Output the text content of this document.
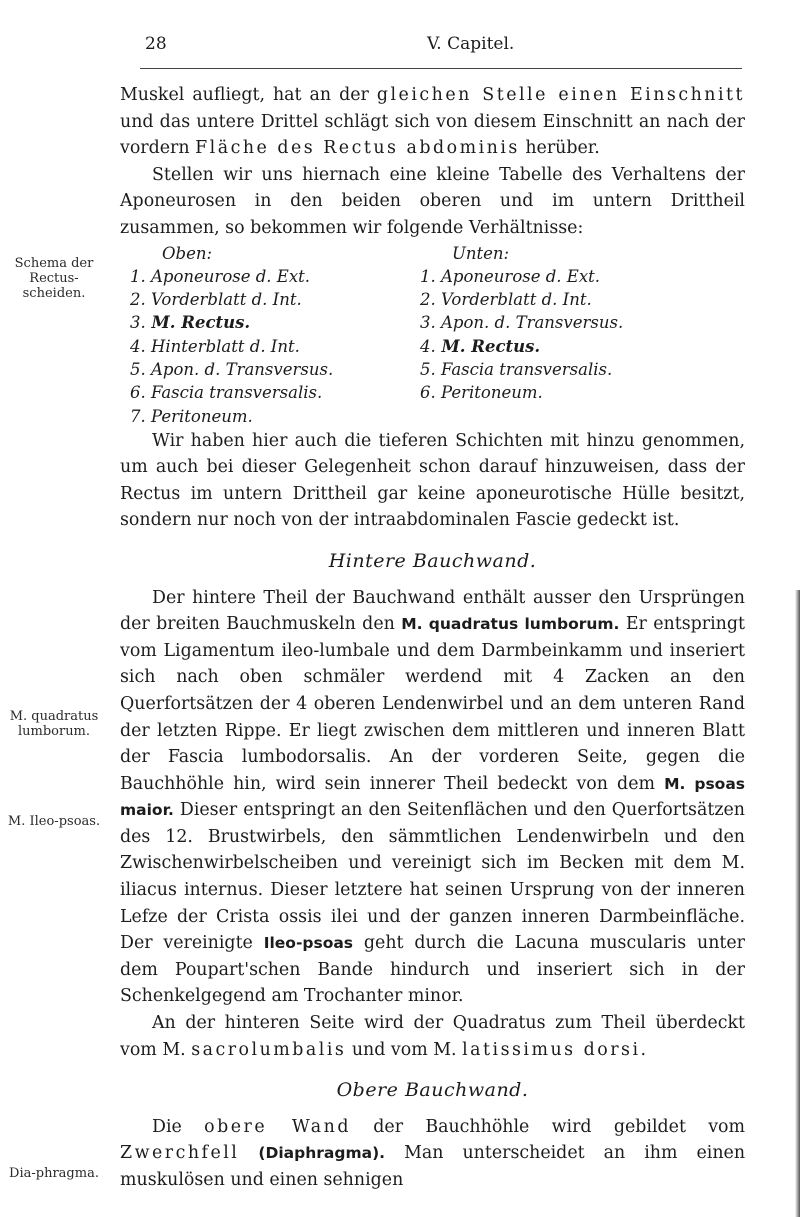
28	V. Capitel.
Schema der Rectus-scheiden.
M. quadratus lumborum.
M. Ileo-psoas.
Dia-phragma.

Muskel aufliegt, hat an der gleichen Stelle einen Einschnitt und das untere Drittel schlägt sich von diesem Einschnitt an nach der vordern Fläche des Rectus abdominis herüber.

Stellen wir uns hiernach eine kleine Tabelle des Verhaltens der Aponeurosen in den beiden oberen und im untern Drittheil zusammen, so bekommen wir folgende Verhältnisse:

Oben:
1. Aponeurose d. Ext.
2. Vorderblatt d. Int.
3. M. Rectus.
4. Hinterblatt d. Int.
5. Apon. d. Transversus.
6. Fascia transversalis.
7. Peritoneum.
Unten:
1. Aponeurose d. Ext.
2. Vorderblatt d. Int.
3. Apon. d. Transversus.
4. M. Rectus.
5. Fascia transversalis.
6. Peritoneum.

Wir haben hier auch die tieferen Schichten mit hinzu genommen, um auch bei dieser Gelegenheit schon darauf hinzuweisen, dass der Rectus im untern Drittheil gar keine aponeurotische Hülle besitzt, sondern nur noch von der intraabdominalen Fascie gedeckt ist.

Hintere Bauchwand.

Der hintere Theil der Bauchwand enthält ausser den Ursprüngen der breiten Bauchmuskeln den M. quadratus lumborum. Er entspringt vom Ligamentum ileo-lumbale und dem Darmbeinkamm und inseriert sich nach oben schmäler werdend mit 4 Zacken an den Querfortsätzen der 4 oberen Lendenwirbel und an dem unteren Rand der letzten Rippe. Er liegt zwischen dem mittleren und inneren Blatt der Fascia lumbodorsalis. An der vorderen Seite, gegen die Bauchhöhle hin, wird sein innerer Theil bedeckt von dem M. psoas maior. Dieser entspringt an den Seitenflächen und den Querfortsätzen des 12. Brustwirbels, den sämmtlichen Lendenwirbeln und den Zwischenwirbelscheiben und vereinigt sich im Becken mit dem M. iliacus internus. Dieser letztere hat seinen Ursprung von der inneren Lefze der Crista ossis ilei und der ganzen inneren Darmbeinfläche. Der vereinigte Ileo-psoas geht durch die Lacuna muscularis unter dem Poupart'schen Bande hindurch und inseriert sich in der Schenkelgegend am Trochanter minor.

An der hinteren Seite wird der Quadratus zum Theil überdeckt vom M. sacrolumbalis und vom M. latissimus dorsi.

Obere Bauchwand.

Die obere Wand der Bauchhöhle wird gebildet vom Zwerchfell (Diaphragma). Man unterscheidet an ihm einen muskulösen und einen sehnigen
